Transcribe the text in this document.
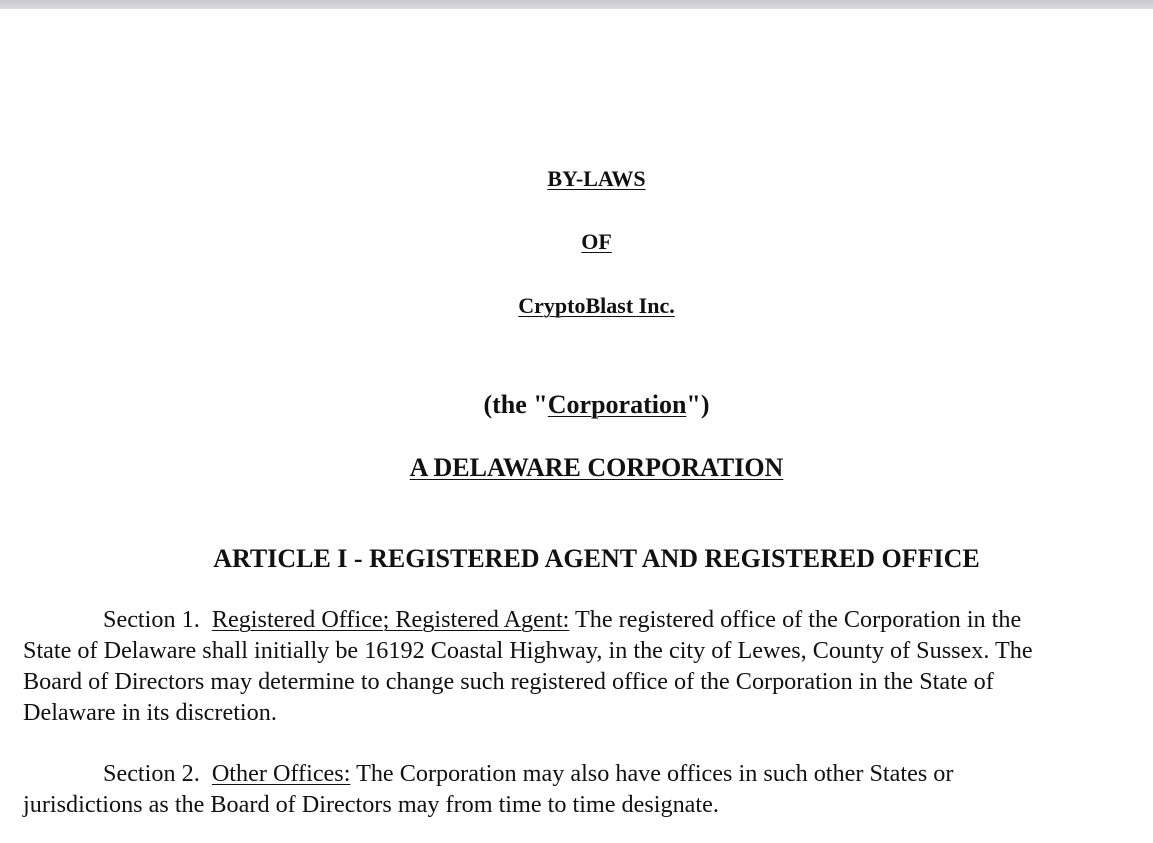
BY-LAWS
OF
CryptoBlast Inc.
(the "Corporation")
A DELAWARE CORPORATION
ARTICLE I - REGISTERED AGENT AND REGISTERED OFFICE
Section 1. Registered Office; Registered Agent: The registered office of the Corporation in the
State of Delaware shall initially be 16192 Coastal Highway, in the city of Lewes, County of Sussex. The
Board of Directors may determine to change such registered office of the Corporation in the State of
Delaware in its discretion.
Section 2. Other Offices: The Corporation may also have offices in such other States or
jurisdictions as the Board of Directors may from time to time designate.
